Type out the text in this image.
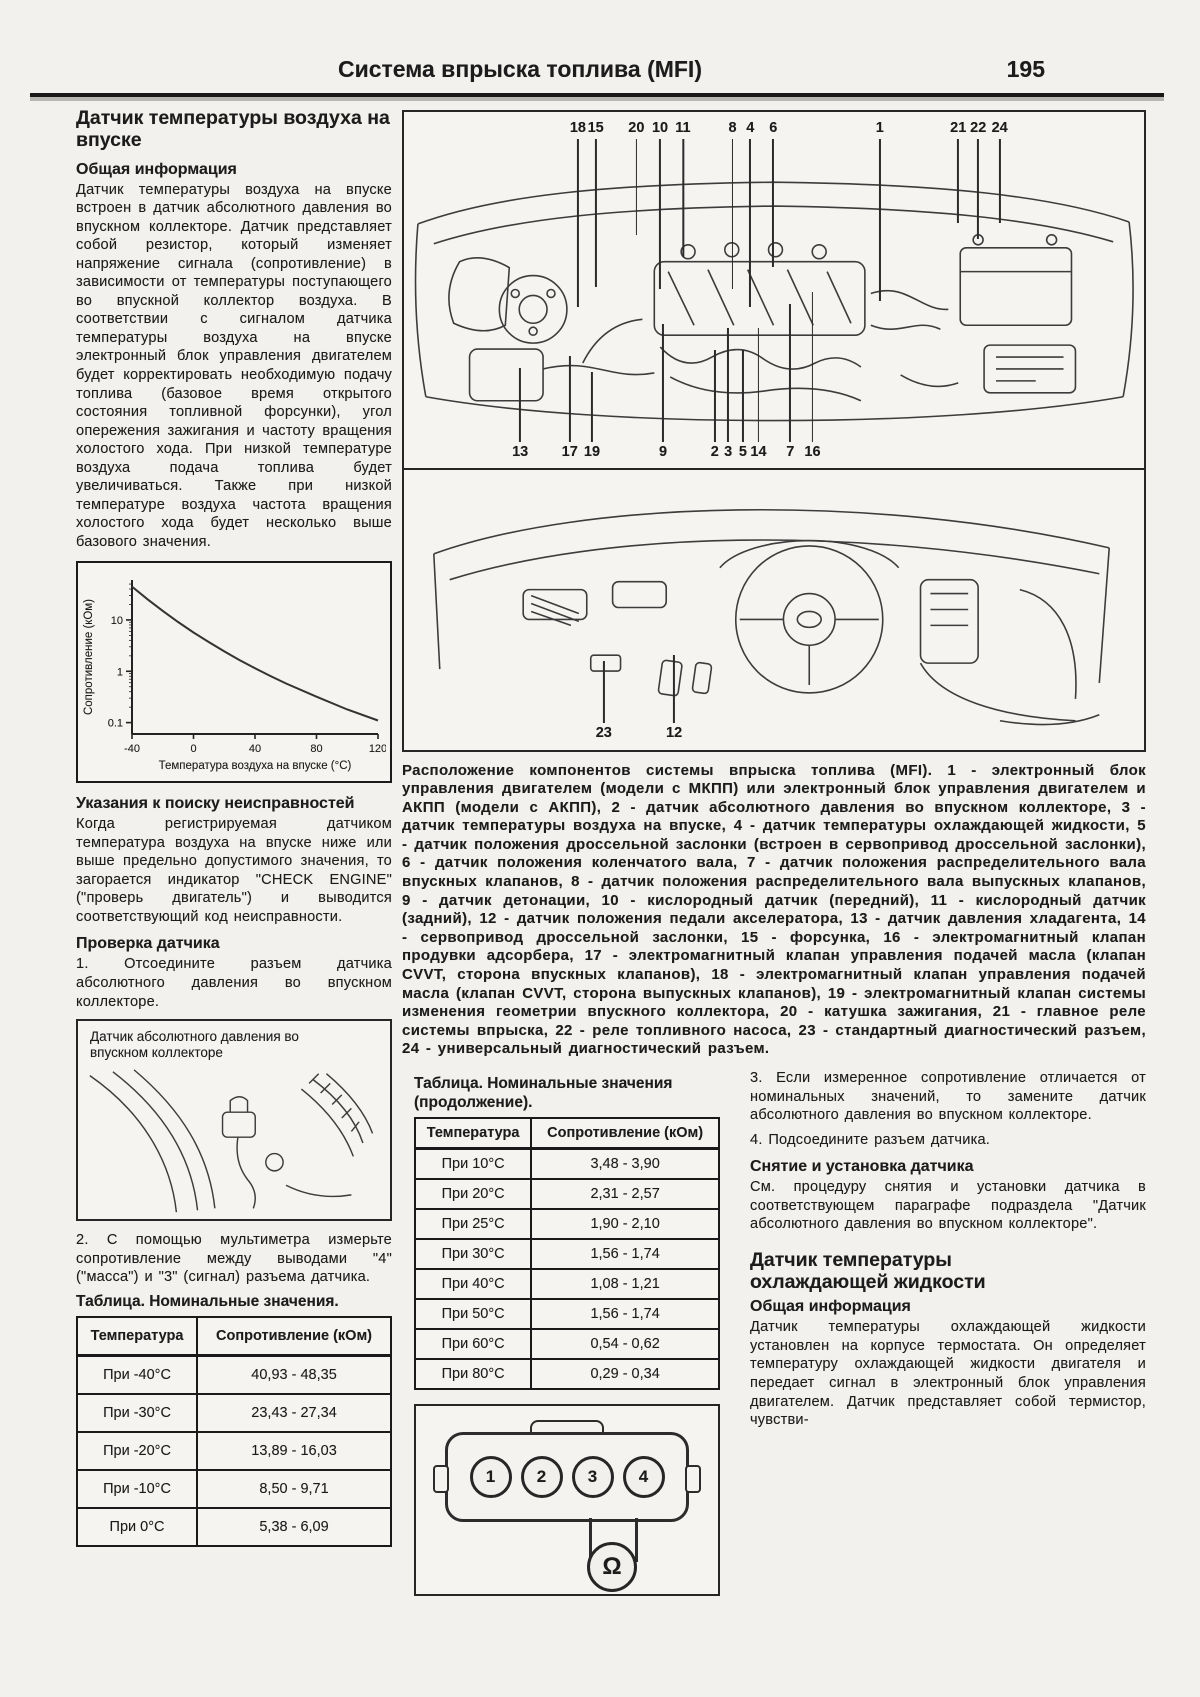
Система впрыска топлива (MFI)	195
Датчик температуры воздуха на впуске
Общая информация

Датчик температуры воздуха на впуске встроен в датчик абсолютного давления во впускном коллекторе. Датчик представляет собой резистор, который изменяет напряжение сигнала (сопротивление) в зависимости от температуры поступающего во впускной коллектор воздуха. В соответствии с сигналом датчика температуры воздуха на впуске электронный блок управления двигателем будет корректировать необходимую подачу топлива (базовое время открытого состояния топливной форсунки), угол опережения зажигания и частоту вращения холостого хода. При низкой температуре воздуха подача топлива будет увеличиваться. Также при низкой температуре воздуха частота вращения холостого хода будет несколько выше базового значения.

10
1
0.1
-40	0	40	80	120
Температура воздуха на впуске (°C)
Сопротивление (кОм)
Указания к поиску неисправностей

Когда регистрируемая датчиком температура воздуха на впуске ниже или выше предельно допустимого значения, то загорается индикатор "CHECK ENGINE" ("проверь двигатель") и выводится соответствующий код неисправности.

Проверка датчика

1. Отсоедините разъем датчика абсолютного давления во впускном коллекторе.

Датчик абсолютного давления во впускном коллекторе

2. С помощью мультиметра измерьте сопротивление между выводами "4" ("масса") и "3" (сигнал) разъема датчика.

Таблица. Номинальные значения.
Температура	Сопротивление (кОм)
При -40°C	40,93 - 48,35
При -30°C	23,43 - 27,34
При -20°C	13,89 - 16,03
При -10°C	8,50 - 9,71
При 0°C	5,38 - 6,09
18 15 20 10 11	8 4 6	1	21 22 24
13 17 19	9	2 3 5 14 7 16
23	12

Расположение компонентов системы впрыска топлива (MFI). 1 - электронный блок управления двигателем (модели с МКПП) или электронный блок управления двигателем и АКПП (модели с АКПП), 2 - датчик абсолютного давления во впускном коллекторе, 3 - датчик температуры воздуха на впуске, 4 - датчик температуры охлаждающей жидкости, 5 - датчик положения дроссельной заслонки (встроен в сервопривод дроссельной заслонки), 6 - датчик положения коленчатого вала, 7 - датчик положения распределительного вала впускных клапанов, 8 - датчик положения распределительного вала выпускных клапанов, 9 - датчик детонации, 10 - кислородный датчик (передний), 11 - кислородный датчик (задний), 12 - датчик положения педали акселератора, 13 - датчик давления хладагента, 14 - сервопривод дроссельной заслонки, 15 - форсунка, 16 - электромагнитный клапан продувки адсорбера, 17 - электромагнитный клапан управления подачей масла (клапан CVVT, сторона впускных клапанов), 18 - электромагнитный клапан управления подачей масла (клапан CVVT, сторона выпускных клапанов), 19 - электромагнитный клапан системы изменения геометрии впускного коллектора, 20 - катушка зажигания, 21 - главное реле системы впрыска, 22 - реле топливного насоса, 23 - стандартный диагностический разъем, 24 - универсальный диагностический разъем.

Таблица. Номинальные значения (продолжение).
Температура	Сопротивление (кОм)
При 10°C	3,48 - 3,90
При 20°C	2,31 - 2,57
При 25°C	1,90 - 2,10
При 30°C	1,56 - 1,74
При 40°C	1,08 - 1,21
При 50°C	1,56 - 1,74
При 60°C	0,54 - 0,62
При 80°C	0,29 - 0,34
1	2	3	4
Ω

3. Если измеренное сопротивление отличается от номинальных значений, то замените датчик абсолютного давления во впускном коллекторе.

4. Подсоедините разъем датчика.

Снятие и установка датчика

См. процедуру снятия и установки датчика в соответствующем параграфе подраздела "Датчик абсолютного давления во впускном коллекторе".

Датчик температуры охлаждающей жидкости
Общая информация

Датчик температуры охлаждающей жидкости установлен на корпусе термостата. Он определяет температуру охлаждающей жидкости двигателя и передает сигнал в электронный блок управления двигателем. Датчик представляет собой термистор, чувстви-
